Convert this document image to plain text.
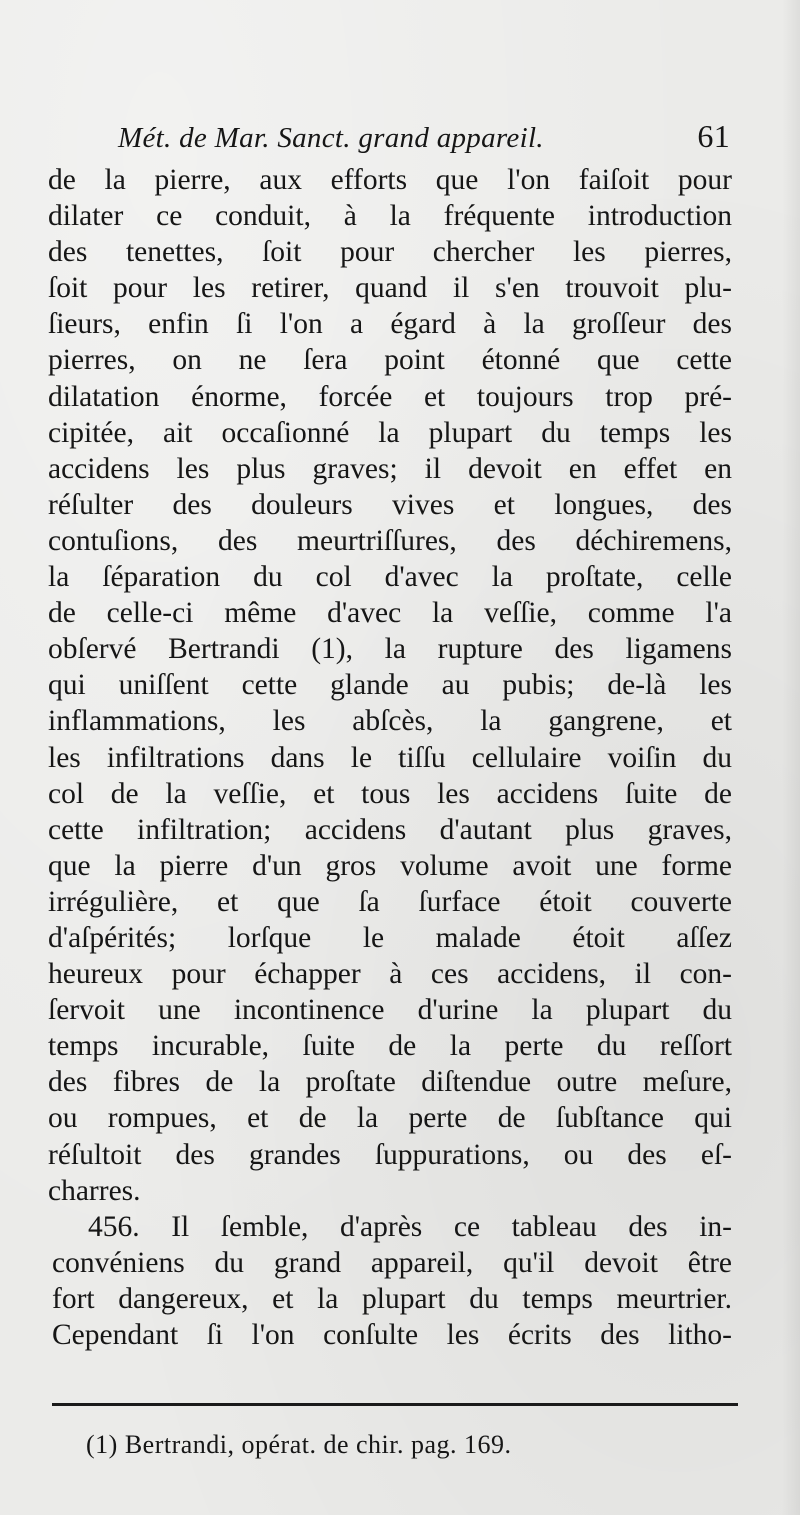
Mét. de Mar. Sanct. grand appareil.	61
de la pierre, aux efforts que l'on faiſoit pour
dilater ce conduit, à la fréquente introduction
des tenettes, ſoit pour chercher les pierres,
ſoit pour les retirer, quand il s'en trouvoit plu-
ſieurs, enfin ſi l'on a égard à la groſſeur des
pierres, on ne ſera point étonné que cette
dilatation énorme, forcée et toujours trop pré-
cipitée, ait occaſionné la plupart du temps les
accidens les plus graves; il devoit en effet en
réſulter des douleurs vives et longues, des
contuſions, des meurtriſſures, des déchiremens,
la ſéparation du col d'avec la proſtate, celle
de celle-ci même d'avec la veſſie, comme l'a
obſervé Bertrandi (1), la rupture des ligamens
qui uniſſent cette glande au pubis; de-là les
inflammations, les abſcès, la gangrene, et
les infiltrations dans le tiſſu cellulaire voiſin du
col de la veſſie, et tous les accidens ſuite de
cette infiltration; accidens d'autant plus graves,
que la pierre d'un gros volume avoit une forme
irrégulière, et que ſa ſurface étoit couverte
d'aſpérités; lorſque le malade étoit aſſez
heureux pour échapper à ces accidens, il con-
ſervoit une incontinence d'urine la plupart du
temps incurable, ſuite de la perte du reſſort
des fibres de la proſtate diſtendue outre meſure,
ou rompues, et de la perte de ſubſtance qui
réſultoit des grandes ſuppurations, ou des eſ-
charres.
456. Il ſemble, d'après ce tableau des in-
convéniens du grand appareil, qu'il devoit être
fort dangereux, et la plupart du temps meurtrier.
Cependant ſi l'on conſulte les écrits des litho-
(1) Bertrandi, opérat. de chir. pag. 169.
